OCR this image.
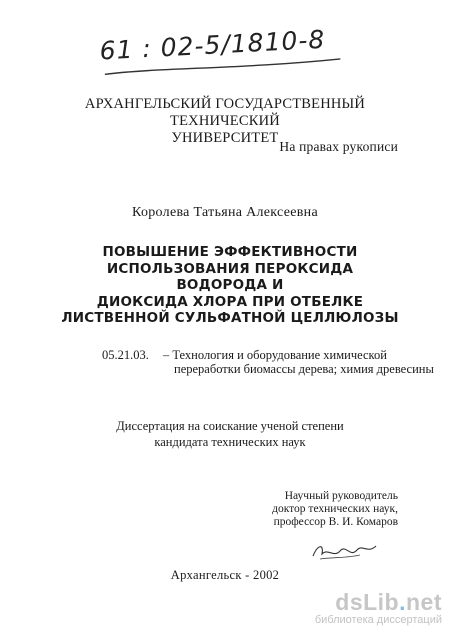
61 : 02-5/1810-8
АРХАНГЕЛЬСКИЙ ГОСУДАРСТВЕННЫЙ ТЕХНИЧЕСКИЙ
УНИВЕРСИТЕТ
На правах рукописи
Королева Татьяна Алексеевна
ПОВЫШЕНИЕ ЭФФЕКТИВНОСТИ
ИСПОЛЬЗОВАНИЯ ПЕРОКСИДА ВОДОРОДА И
ДИОКСИДА ХЛОРА ПРИ ОТБЕЛКЕ
ЛИСТВЕННОЙ СУЛЬФАТНОЙ ЦЕЛЛЮЛОЗЫ
05.21.03. – Технология и оборудование химической
переработки биомассы дерева; химия древесины
Диссертация на соискание ученой степени
кандидата технических наук
Научный руководитель
доктор технических наук,
профессор В. И. Комаров
Архангельск - 2002
dsLib.net
библиотека диссертаций
